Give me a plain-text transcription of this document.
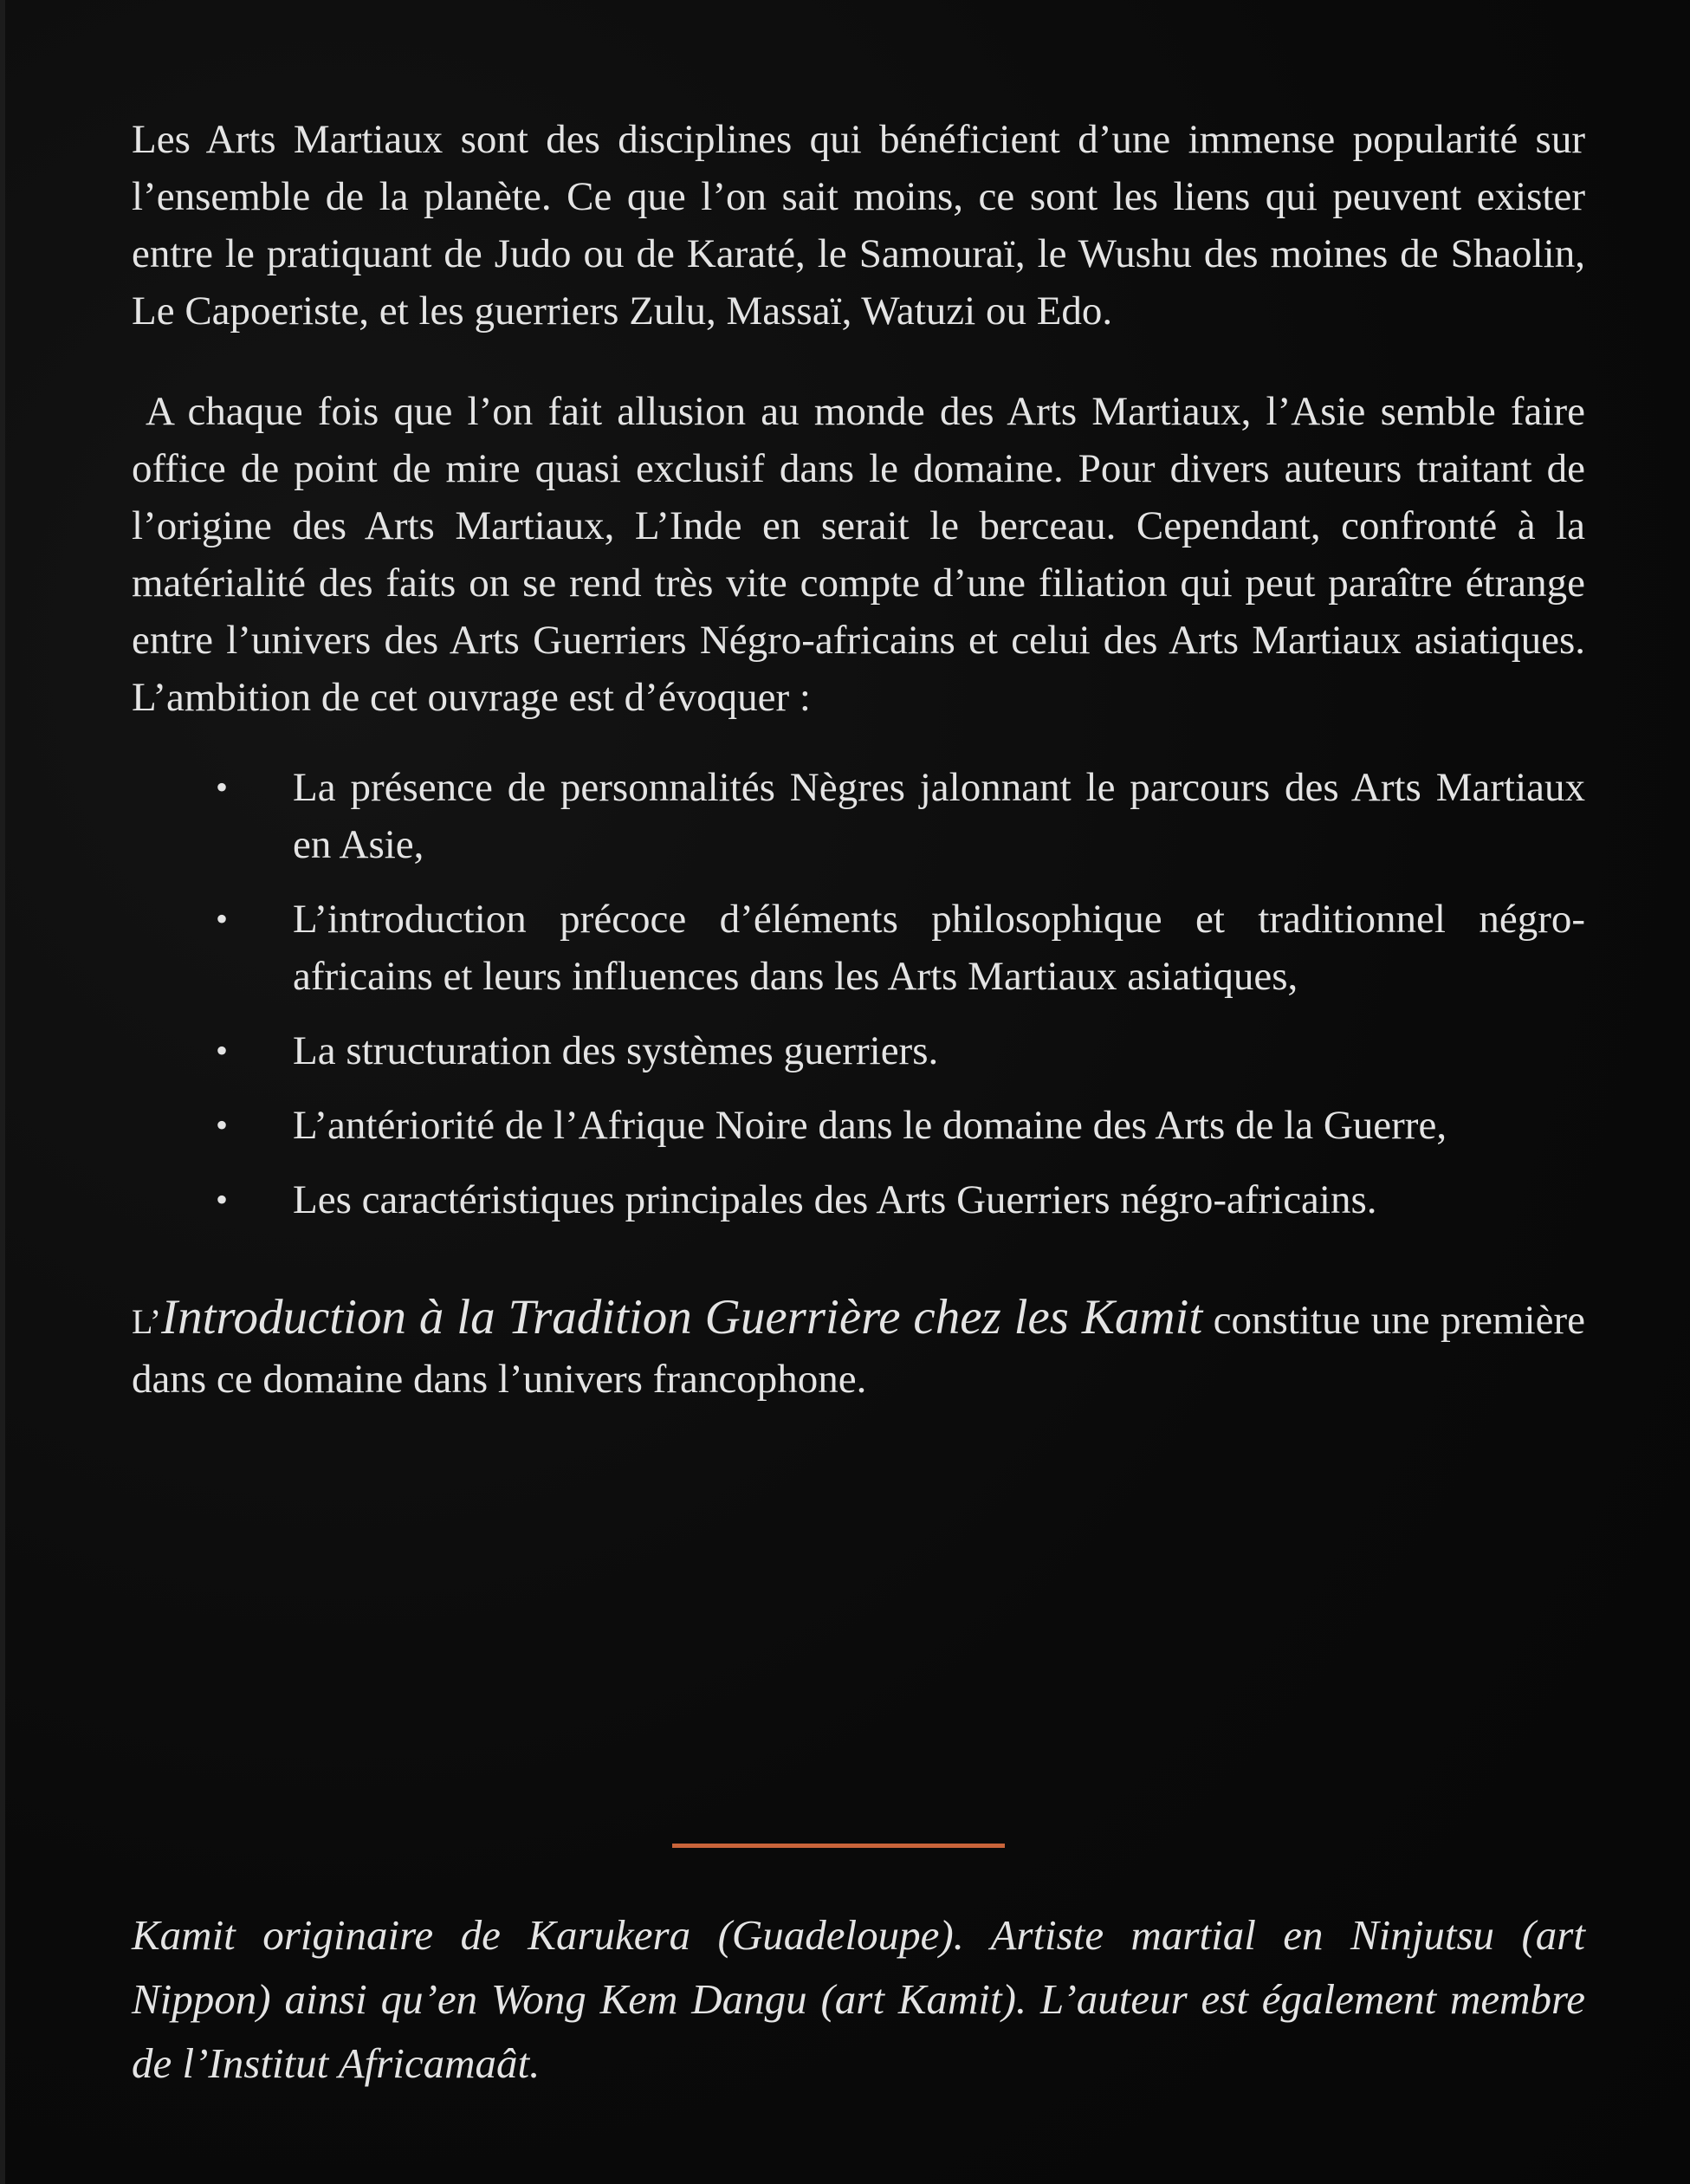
Les Arts Martiaux sont des disciplines qui bénéficient d’une immense popularité sur l’ensemble de la planète. Ce que l’on sait moins, ce sont les liens qui peuvent exister entre le pratiquant de Judo ou de Karaté, le Samouraï, le Wushu des moines de Shaolin, Le Capoeriste, et les guerriers Zulu, Massaï, Watuzi ou Edo.

A chaque fois que l’on fait allusion au monde des Arts Martiaux, l’Asie semble faire office de point de mire quasi exclusif dans le domaine. Pour divers auteurs traitant de l’origine des Arts Martiaux, L’Inde en serait le berceau. Cependant, confronté à la matérialité des faits on se rend très vite compte d’une filiation qui peut paraître étrange entre l’univers des Arts Guerriers Négro-africains et celui des Arts Martiaux asiatiques. L’ambition de cet ouvrage est d’évoquer :

• La présence de personnalités Nègres jalonnant le parcours des Arts Martiaux en Asie,
• L’introduction précoce d’éléments philosophique et traditionnel négro-africains et leurs influences dans les Arts Martiaux asiatiques,
• La structuration des systèmes guerriers.
• L’antériorité de l’Afrique Noire dans le domaine des Arts de la Guerre,
• Les caractéristiques principales des Arts Guerriers négro-africains.

L’Introduction à la Tradition Guerrière chez les Kamit constitue une première dans ce domaine dans l’univers francophone.

Kamit originaire de Karukera (Guadeloupe). Artiste martial en Ninjutsu (art Nippon) ainsi qu’en Wong Kem Dangu (art Kamit). L’auteur est également membre de l’Institut Africamaât.
